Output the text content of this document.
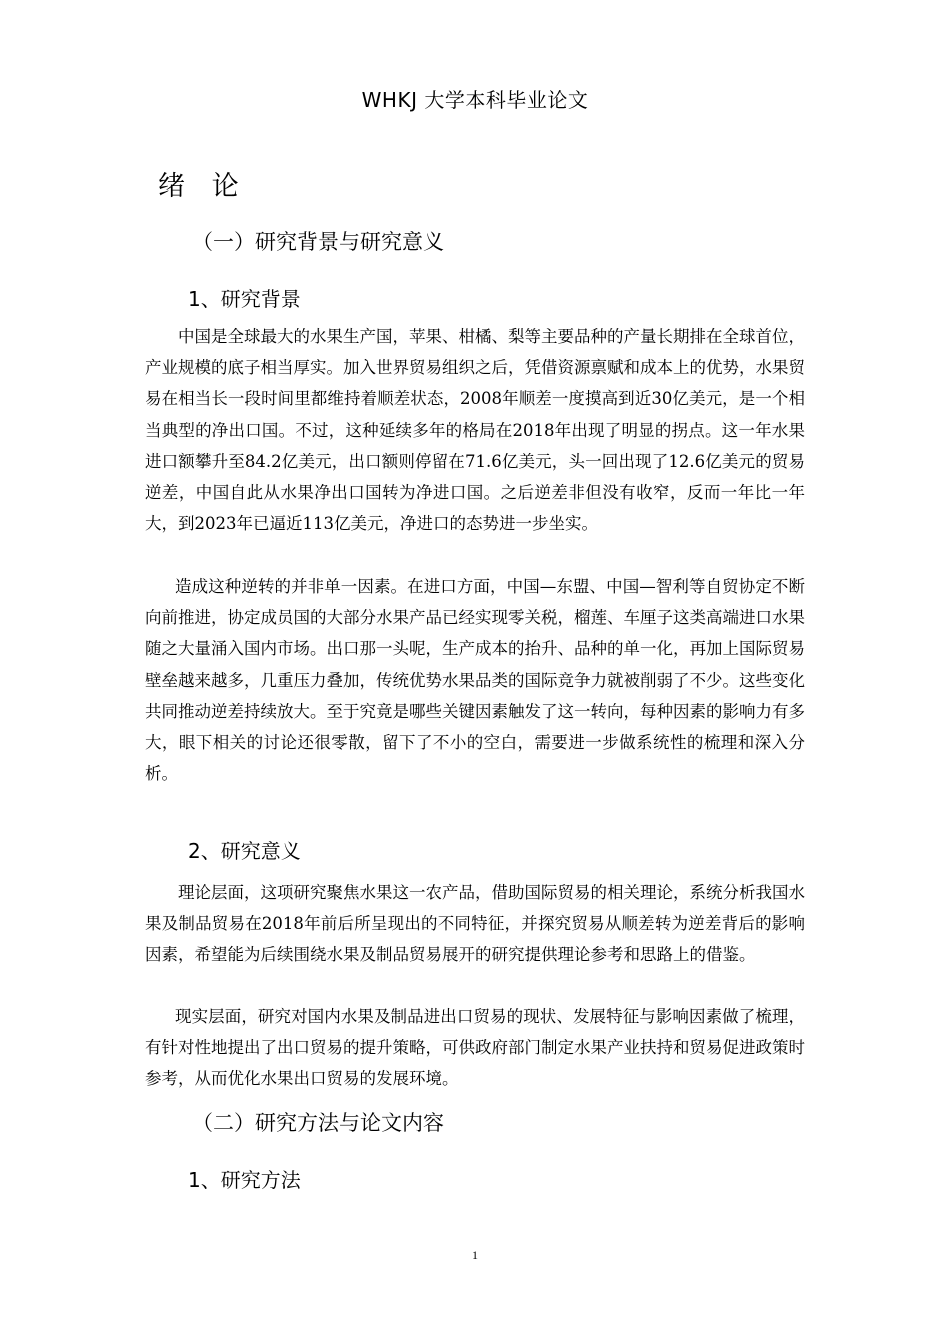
WHKJ 大学本科毕业论文
绪 论
（一）研究背景与研究意义
1、研究背景

中国是全球最大的水果生产国，苹果、柑橘、梨等主要品种的产量长期排在全球首位，产业规模的底子相当厚实。加入世界贸易组织之后，凭借资源禀赋和成本上的优势，水果贸易在相当长一段时间里都维持着顺差状态，2008年顺差一度摸高到近30亿美元，是一个相当典型的净出口国。不过，这种延续多年的格局在2018年出现了明显的拐点。这一年水果进口额攀升至84.2亿美元，出口额则停留在71.6亿美元，头一回出现了12.6亿美元的贸易逆差，中国自此从水果净出口国转为净进口国。之后逆差非但没有收窄，反而一年比一年大，到2023年已逼近113亿美元，净进口的态势进一步坐实。

造成这种逆转的并非单一因素。在进口方面，中国—东盟、中国—智利等自贸协定不断向前推进，协定成员国的大部分水果产品已经实现零关税，榴莲、车厘子这类高端进口水果随之大量涌入国内市场。出口那一头呢，生产成本的抬升、品种的单一化，再加上国际贸易壁垒越来越多，几重压力叠加，传统优势水果品类的国际竞争力就被削弱了不少。这些变化共同推动逆差持续放大。至于究竟是哪些关键因素触发了这一转向，每种因素的影响力有多大，眼下相关的讨论还很零散，留下了不小的空白，需要进一步做系统性的梳理和深入分析。

2、研究意义

理论层面，这项研究聚焦水果这一农产品，借助国际贸易的相关理论，系统分析我国水果及制品贸易在2018年前后所呈现出的不同特征，并探究贸易从顺差转为逆差背后的影响因素，希望能为后续围绕水果及制品贸易展开的研究提供理论参考和思路上的借鉴。

现实层面，研究对国内水果及制品进出口贸易的现状、发展特征与影响因素做了梳理，有针对性地提出了出口贸易的提升策略，可供政府部门制定水果产业扶持和贸易促进政策时参考，从而优化水果出口贸易的发展环境。

（二）研究方法与论文内容
1、研究方法
1
